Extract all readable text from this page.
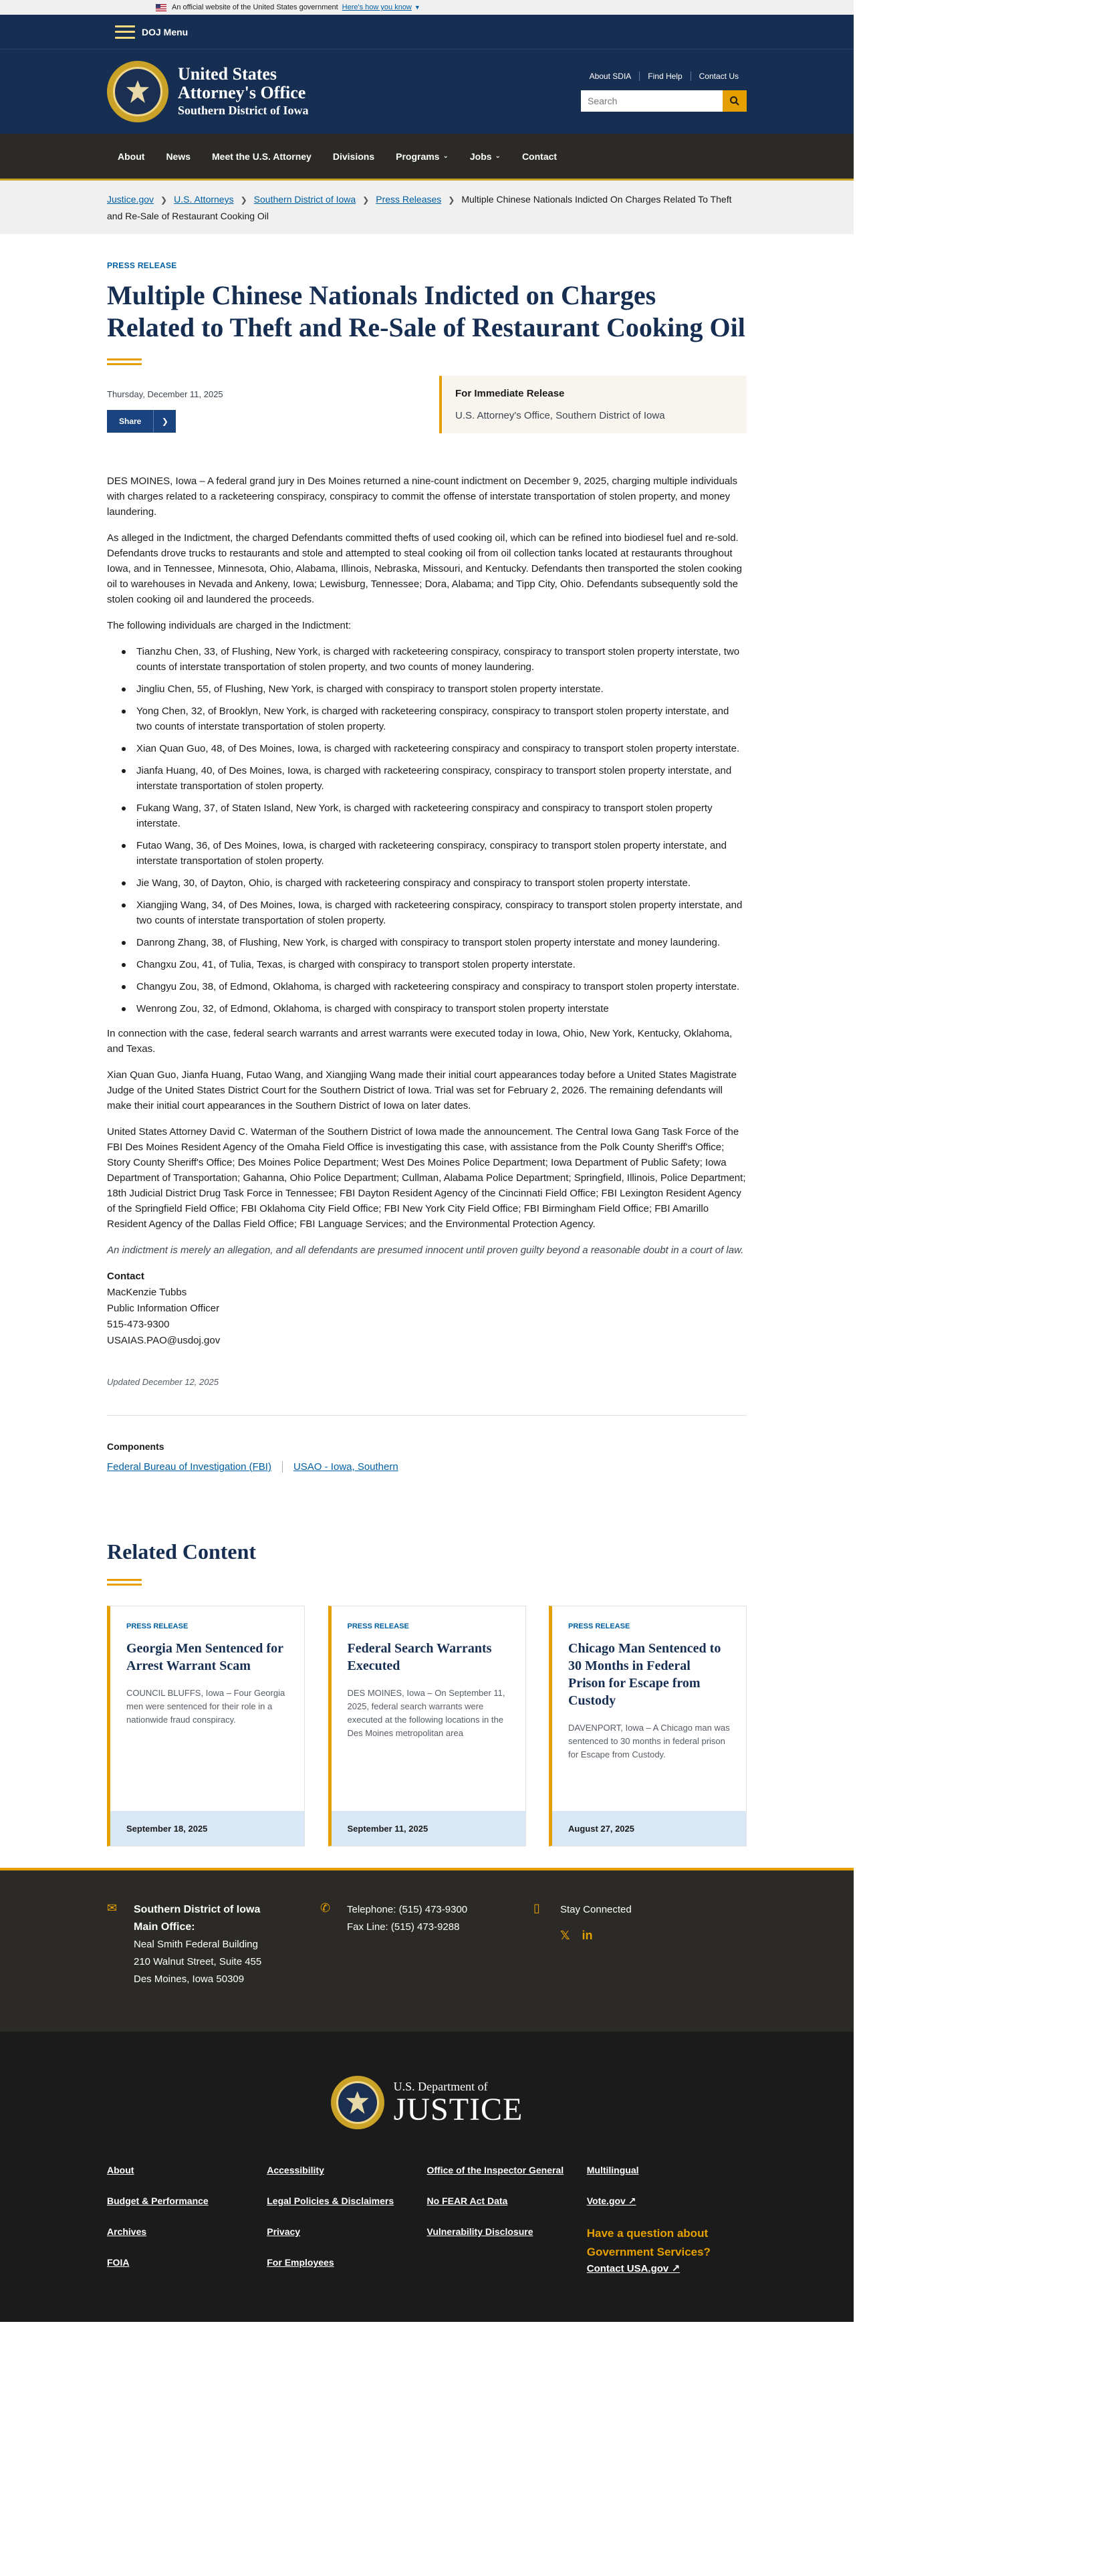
An official website of the United States government Here's how you know ▼
DOJ Menu
United States
Attorney's Office
Southern District of Iowa
About SDIA	Find Help	Contact Us
Search
About News Meet the U.S. Attorney Divisions Programs ⌄ Jobs ⌄ Contact
Justice.gov ❯ U.S. Attorneys ❯ Southern District of Iowa ❯ Press Releases ❯ Multiple Chinese Nationals Indicted On Charges Related To Theft and Re-Sale of Restaurant Cooking Oil
PRESS RELEASE
Multiple Chinese Nationals Indicted on Charges Related to Theft and Re-Sale of Restaurant Cooking Oil
Thursday, December 11, 2025
Share	❯
For Immediate Release
U.S. Attorney's Office, Southern District of Iowa

DES MOINES, Iowa – A federal grand jury in Des Moines returned a nine-count indictment on December 9, 2025, charging multiple individuals with charges related to a racketeering conspiracy, conspiracy to commit the offense of interstate transportation of stolen property, and money laundering.

As alleged in the Indictment, the charged Defendants committed thefts of used cooking oil, which can be refined into biodiesel fuel and re-sold. Defendants drove trucks to restaurants and stole and attempted to steal cooking oil from oil collection tanks located at restaurants throughout Iowa, and in Tennessee, Minnesota, Ohio, Alabama, Illinois, Nebraska, Missouri, and Kentucky. Defendants then transported the stolen cooking oil to warehouses in Nevada and Ankeny, Iowa; Lewisburg, Tennessee; Dora, Alabama; and Tipp City, Ohio. Defendants subsequently sold the stolen cooking oil and laundered the proceeds.

The following individuals are charged in the Indictment:

Tianzhu Chen, 33, of Flushing, New York, is charged with racketeering conspiracy, conspiracy to transport stolen property interstate, two counts of interstate transportation of stolen property, and two counts of money laundering.
Jingliu Chen, 55, of Flushing, New York, is charged with conspiracy to transport stolen property interstate.
Yong Chen, 32, of Brooklyn, New York, is charged with racketeering conspiracy, conspiracy to transport stolen property interstate, and two counts of interstate transportation of stolen property.
Xian Quan Guo, 48, of Des Moines, Iowa, is charged with racketeering conspiracy and conspiracy to transport stolen property interstate.
Jianfa Huang, 40, of Des Moines, Iowa, is charged with racketeering conspiracy, conspiracy to transport stolen property interstate, and interstate transportation of stolen property.
Fukang Wang, 37, of Staten Island, New York, is charged with racketeering conspiracy and conspiracy to transport stolen property interstate.
Futao Wang, 36, of Des Moines, Iowa, is charged with racketeering conspiracy, conspiracy to transport stolen property interstate, and interstate transportation of stolen property.
Jie Wang, 30, of Dayton, Ohio, is charged with racketeering conspiracy and conspiracy to transport stolen property interstate.
Xiangjing Wang, 34, of Des Moines, Iowa, is charged with racketeering conspiracy, conspiracy to transport stolen property interstate, and two counts of interstate transportation of stolen property.
Danrong Zhang, 38, of Flushing, New York, is charged with conspiracy to transport stolen property interstate and money laundering.
Changxu Zou, 41, of Tulia, Texas, is charged with conspiracy to transport stolen property interstate.
Changyu Zou, 38, of Edmond, Oklahoma, is charged with racketeering conspiracy and conspiracy to transport stolen property interstate.
Wenrong Zou, 32, of Edmond, Oklahoma, is charged with conspiracy to transport stolen property interstate

In connection with the case, federal search warrants and arrest warrants were executed today in Iowa, Ohio, New York, Kentucky, Oklahoma, and Texas.

Xian Quan Guo, Jianfa Huang, Futao Wang, and Xiangjing Wang made their initial court appearances today before a United States Magistrate Judge of the United States District Court for the Southern District of Iowa. Trial was set for February 2, 2026. The remaining defendants will make their initial court appearances in the Southern District of Iowa on later dates.

United States Attorney David C. Waterman of the Southern District of Iowa made the announcement. The Central Iowa Gang Task Force of the FBI Des Moines Resident Agency of the Omaha Field Office is investigating this case, with assistance from the Polk County Sheriff's Office; Story County Sheriff's Office; Des Moines Police Department; West Des Moines Police Department; Iowa Department of Public Safety; Iowa Department of Transportation; Gahanna, Ohio Police Department; Cullman, Alabama Police Department; Springfield, Illinois, Police Department; 18th Judicial District Drug Task Force in Tennessee; FBI Dayton Resident Agency of the Cincinnati Field Office; FBI Lexington Resident Agency of the Springfield Field Office; FBI Oklahoma City Field Office; FBI New York City Field Office; FBI Birmingham Field Office; FBI Amarillo Resident Agency of the Dallas Field Office; FBI Language Services; and the Environmental Protection Agency.

An indictment is merely an allegation, and all defendants are presumed innocent until proven guilty beyond a reasonable doubt in a court of law.

Contact
MacKenzie Tubbs
Public Information Officer
515-473-9300
USAIAS.PAO@usdoj.gov
Updated December 12, 2025
Components
Federal Bureau of Investigation (FBI) USAO - Iowa, Southern
Related Content
PRESS RELEASE
Georgia Men Sentenced for Arrest Warrant Scam
COUNCIL BLUFFS, Iowa – Four Georgia men were sentenced for their role in a nationwide fraud conspiracy.
September 18, 2025
PRESS RELEASE
Federal Search Warrants Executed
DES MOINES, Iowa – On September 11, 2025, federal search warrants were executed at the following locations in the Des Moines metropolitan area
September 11, 2025
PRESS RELEASE
Chicago Man Sentenced to 30 Months in Federal Prison for Escape from Custody
DAVENPORT, Iowa – A Chicago man was sentenced to 30 months in federal prison for Escape from Custody.
August 27, 2025
✉	Southern District of Iowa
Main Office:
Neal Smith Federal Building
210 Walnut Street, Suite 455
Des Moines, Iowa 50309
✆	Telephone: (515) 473-9300
Fax Line: (515) 473-9288
▯	Stay Connected
𝕏 in
U.S. Department of
JUSTICE
About
Budget & Performance
Archives
FOIA
Accessibility
Legal Policies & Disclaimers
Privacy
For Employees
Office of the Inspector General
No FEAR Act Data
Vulnerability Disclosure
Multilingual
Vote.gov ↗
Have a question about Government Services?
Contact USA.gov ↗
